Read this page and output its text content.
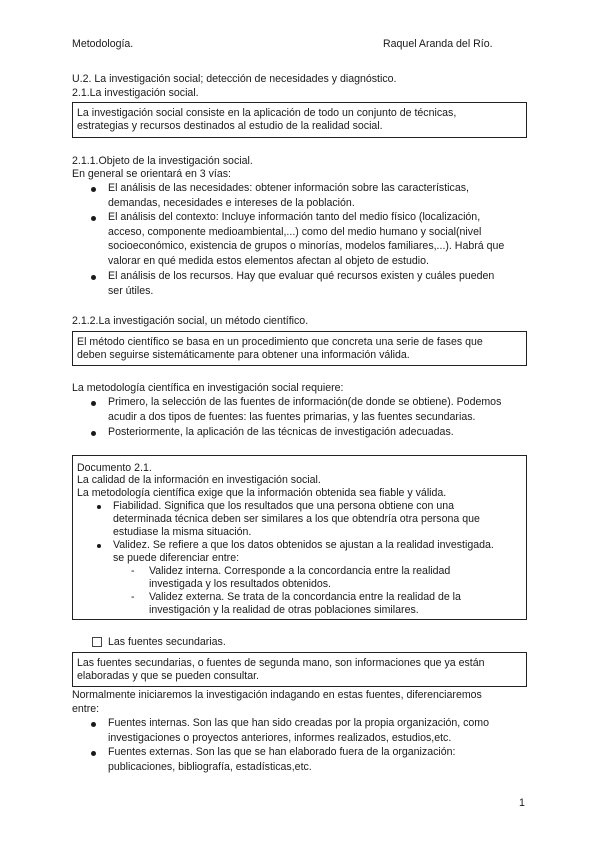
Metodología.	Raquel Aranda del Río.
U.2. La investigación social; detección de necesidades y diagnóstico.
2.1.La investigación social.
La investigación social consiste en la aplicación de todo un conjunto de técnicas,
estrategias y recursos destinados al estudio de la realidad social.
2.1.1.Objeto de la investigación social.
En general se orientará en 3 vías:
El análisis de las necesidades: obtener información sobre las características,
demandas, necesidades e intereses de la población.
El análisis del contexto: Incluye información tanto del medio físico (localización,
acceso, componente medioambiental,...) como del medio humano y social(nivel
socioeconómico, existencia de grupos o minorías, modelos familiares,...). Habrá que
valorar en qué medida estos elementos afectan al objeto de estudio.
El análisis de los recursos. Hay que evaluar qué recursos existen y cuáles pueden
ser útiles.
2.1.2.La investigación social, un método científico.
El método científico se basa en un procedimiento que concreta una serie de fases que
deben seguirse sistemáticamente para obtener una información válida.
La metodología científica en investigación social requiere:
Primero, la selección de las fuentes de información(de donde se obtiene). Podemos
acudir a dos tipos de fuentes: las fuentes primarias, y las fuentes secundarias.
Posteriormente, la aplicación de las técnicas de investigación adecuadas.
Documento 2.1.
La calidad de la información en investigación social.
La metodología científica exige que la información obtenida sea fiable y válida.
Fiabilidad. Significa que los resultados que una persona obtiene con una
determinada técnica deben ser similares a los que obtendría otra persona que
estudiase la misma situación.
Validez. Se refiere a que los datos obtenidos se ajustan a la realidad investigada.
se puede diferenciar entre:
- Validez interna. Corresponde a la concordancia entre la realidad
investigada y los resultados obtenidos.
- Validez externa. Se trata de la concordancia entre la realidad de la
investigación y la realidad de otras poblaciones similares.
Las fuentes secundarias.
Las fuentes secundarias, o fuentes de segunda mano, son informaciones que ya están
elaboradas y que se pueden consultar.
Normalmente iniciaremos la investigación indagando en estas fuentes, diferenciaremos
entre:
Fuentes internas. Son las que han sido creadas por la propia organización, como
investigaciones o proyectos anteriores, informes realizados, estudios,etc.
Fuentes externas. Son las que se han elaborado fuera de la organización:
publicaciones, bibliografía, estadísticas,etc.
1
